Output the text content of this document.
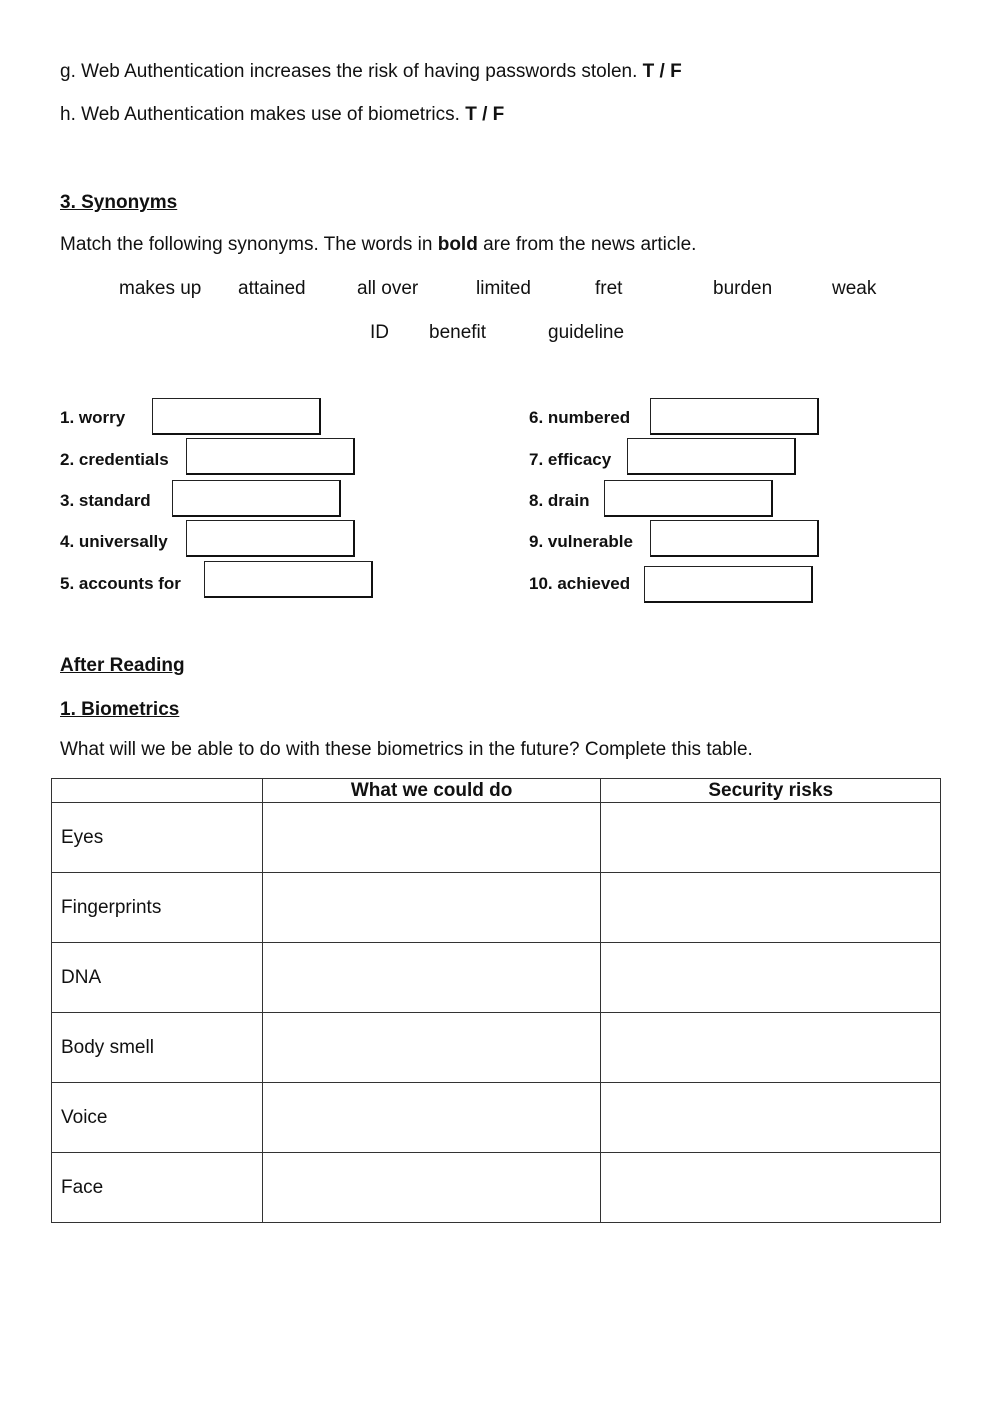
g. Web Authentication increases the risk of having passwords stolen. T / F
h. Web Authentication makes use of biometrics. T / F
3. Synonyms
Match the following synonyms. The words in bold are from the news article.
makes up attained	all over	limited	fret	burden	weak
ID benefit	guideline
1. worry
2. credentials
3. standard
4. universally
5. accounts for
6. numbered
7. efficacy
8. drain
9. vulnerable
10. achieved
After Reading
1. Biometrics
What will we be able to do with these biometrics in the future? Complete this table.
	What we could do	Security risks
Eyes		
Fingerprints		
DNA		
Body smell		
Voice		
Face		
